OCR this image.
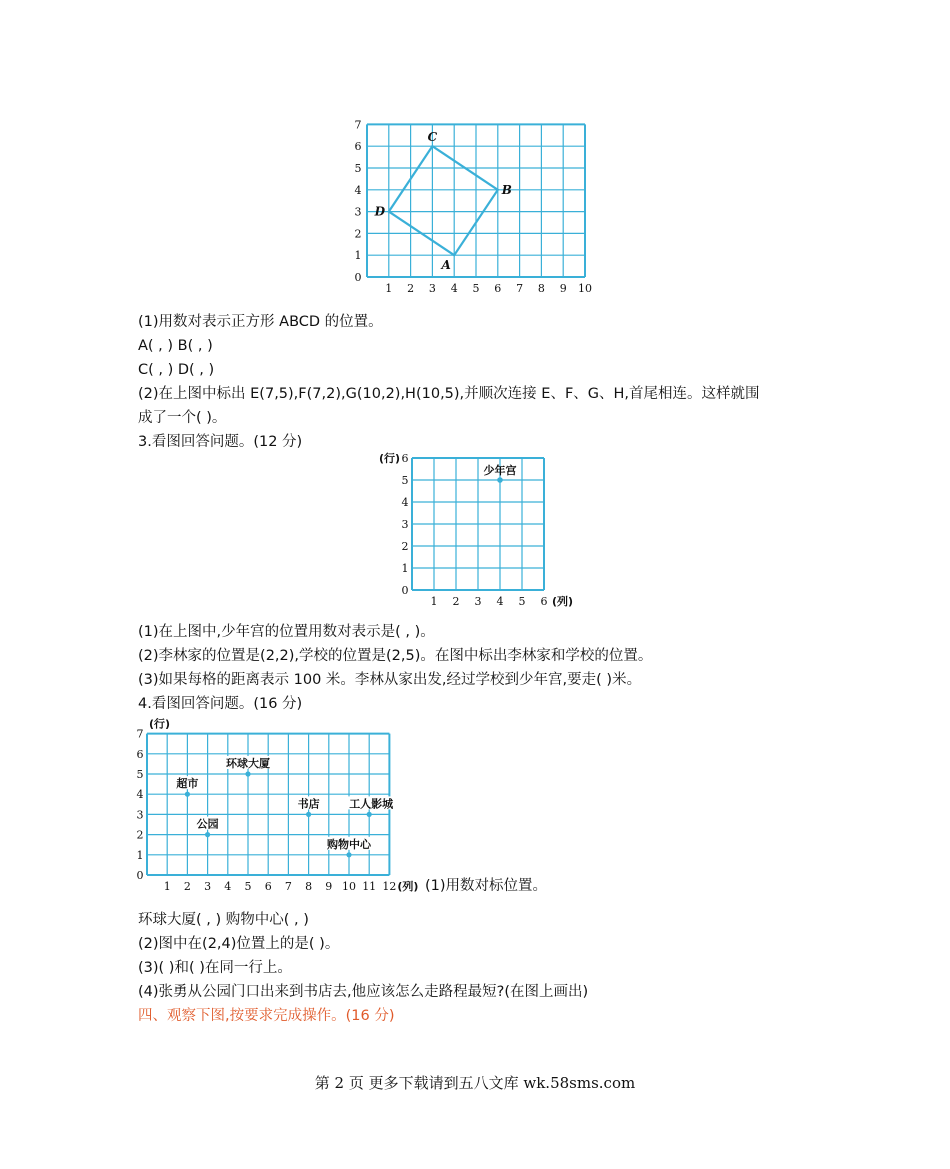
1 2 3 4 5 6 7 8 9 10
0
1
2
3
4
5
6
7
A
B
C
D
(1)用数对表示正方形 ABCD 的位置。
A( , ) B( , )
C( , ) D( , )
(2)在上图中标出 E(7,5),F(7,2),G(10,2),H(10,5),并顺次连接 E、F、G、H,首尾相连。这样就围
成了一个( )。
3.看图回答问题。(12 分)
1 2 3 4 5 6
0
1
2
3
4
5
6
(行)
(列)
少年宫
(1)在上图中,少年宫的位置用数对表示是( , )。
(2)李林家的位置是(2,2),学校的位置是(2,5)。在图中标出李林家和学校的位置。
(3)如果每格的距离表示 100 米。李林从家出发,经过学校到少年宫,要走( )米。
4.看图回答问题。(16 分)
1 2 3 4 5 6 7 8 9 10 11 12
0
1
2
3
4
5
6
7
(行)
(列)
环球大厦
超市
书店	工人影城
公园
购物中心
(1)用数对标位置。
环球大厦( , ) 购物中心( , )
(2)图中在(2,4)位置上的是( )。
(3)( )和( )在同一行上。
(4)张勇从公园门口出来到书店去,他应该怎么走路程最短?(在图上画出)
四、观察下图,按要求完成操作。(16 分)
第 2 页 更多下载请到五八文库 wk.58sms.com
